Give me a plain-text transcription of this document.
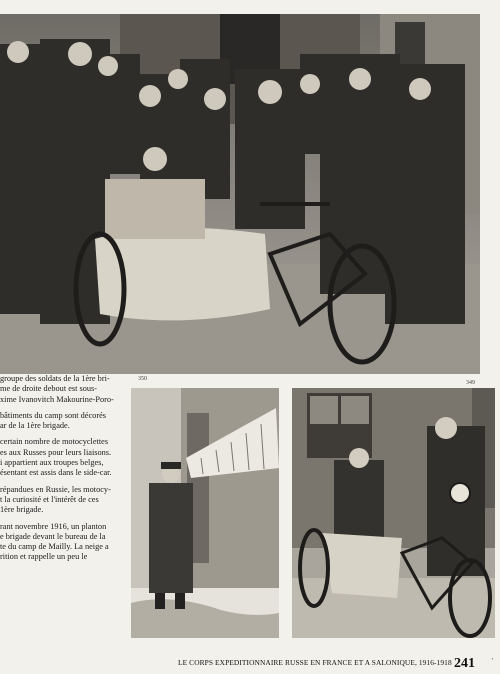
350
349

groupe des soldats de la 1ère bri-
me de droite debout est sous-
xime Ivanovitch Makourine-Poro-

bâtiments du camp sont décorés
ar de la 1ère brigade.

certain nombre de motocyclettes
es aux Russes pour leurs liaisons.
i appartient aux troupes belges,
ésentant est assis dans le side-car.

répandues en Russie, les motocy-
t la curiosité et l'intérêt de ces
1ère brigade.

rant novembre 1916, un planton
e brigade devant le bureau de la
te du camp de Mailly. La neige a
rition et rappelle un peu le

LE CORPS EXPEDITIONNAIRE RUSSE EN FRANCE ET A SALONIQUE, 1916-1918 241 '
